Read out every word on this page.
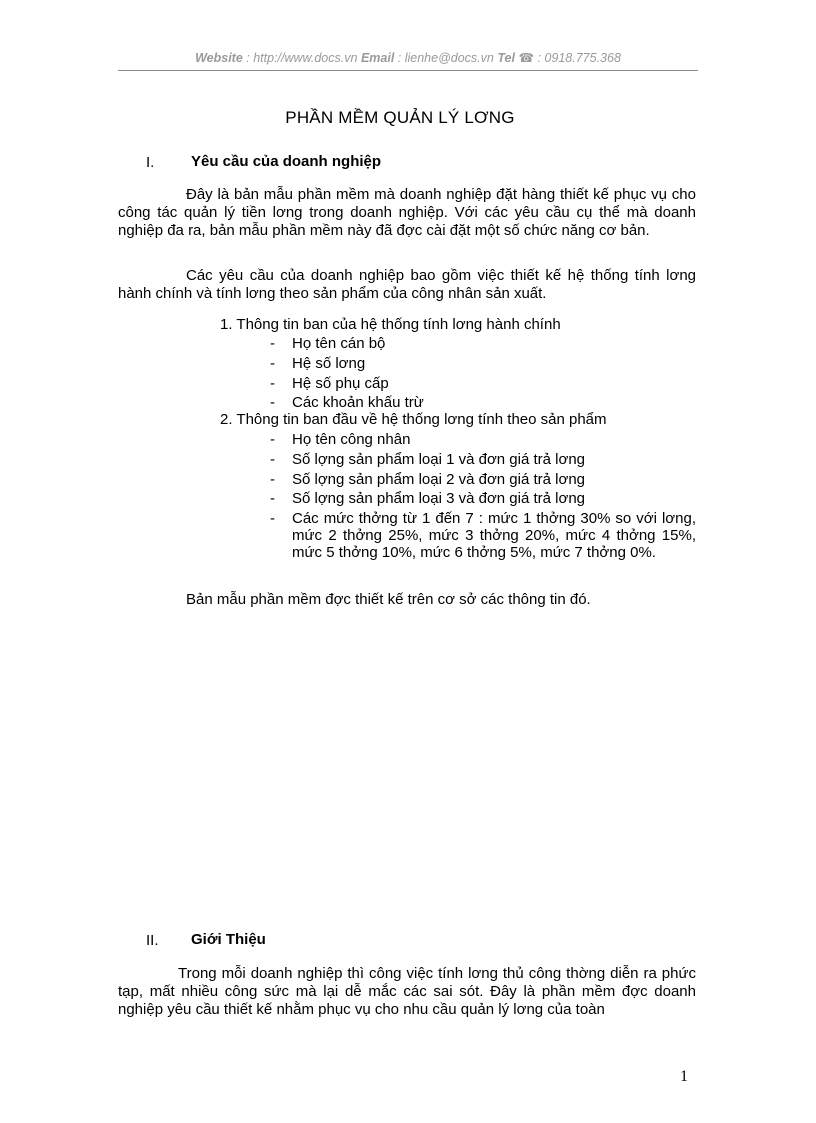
Website : http://www.docs.vn Email : lienhe@docs.vn Tel ☎ : 0918.775.368
PHẦN MỀM QUẢN LÝ LƠNG
I. Yêu cầu của doanh nghiệp
Đây là bản mẫu phần mềm mà doanh nghiệp đặt hàng thiết kế phục vụ cho công tác quản lý tiền lơng trong doanh nghiệp. Với các yêu cầu cụ thể mà doanh nghiệp đa ra, bản mẫu phần mềm này đã đợc cài đặt một số chức năng cơ bản.
Các yêu cầu của doanh nghiệp bao gồm việc thiết kế hệ thống tính lơng hành chính và tính lơng theo sản phẩm của công nhân sản xuất.
1. Thông tin ban của hệ thống tính lơng hành chính
- Họ tên cán bộ
- Hệ số lơng
- Hệ số phụ cấp
- Các khoản khấu trừ
2. Thông tin ban đầu về hệ thống lơng tính theo sản phẩm
- Họ tên công nhân
- Số lợng sản phẩm loại 1 và đơn giá trả lơng
- Số lợng sản phẩm loại 2 và đơn giá trả lơng
- Số lợng sản phẩm loại 3 và đơn giá trả lơng
- Các mức thởng từ 1 đến 7 : mức 1 thởng 30% so với lơng, mức 2 thởng 25%, mức 3 thởng 20%, mức 4 thởng 15%, mức 5 thởng 10%, mức 6 thởng 5%, mức 7 thởng 0%.
Bản mẫu phần mềm đợc thiết kế trên cơ sở các thông tin đó.
II. Giới Thiệu
Trong mỗi doanh nghiệp thì công việc tính lơng thủ công thờng diễn ra phức tạp, mất nhiều công sức mà lại dễ mắc các sai sót. Đây là phần mềm đợc doanh nghiệp yêu cầu thiết kế nhằm phục vụ cho nhu cầu quản lý lơng của toàn
1
